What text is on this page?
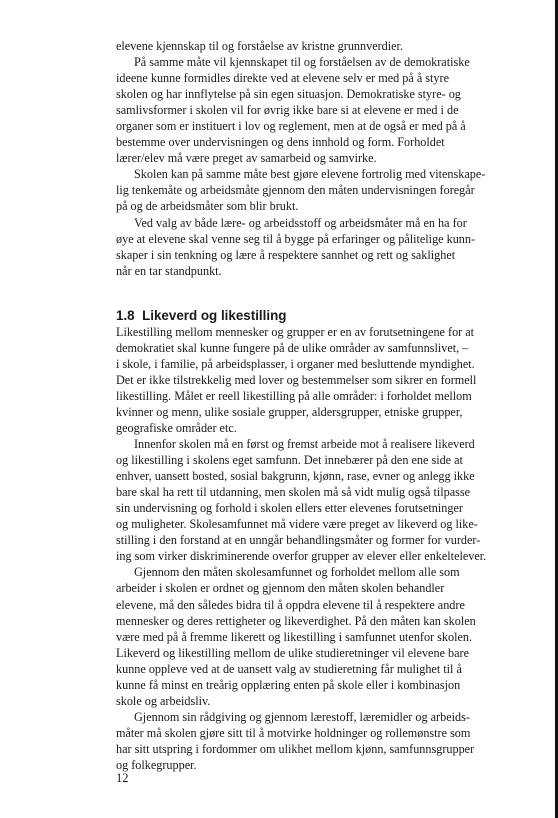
elevene kjennskap til og forståelse av kristne grunnverdier.

På samme måte vil kjennskapet til og forståelsen av de demokratiske
ideene kunne formidles direkte ved at elevene selv er med på å styre
skolen og har innflytelse på sin egen situasjon. Demokratiske styre- og
samlivsformer i skolen vil for øvrig ikke bare si at elevene er med i de
organer som er instituert i lov og reglement, men at de også er med på å
bestemme over undervisningen og dens innhold og form. Forholdet
lærer/elev må være preget av samarbeid og samvirke.

Skolen kan på samme måte best gjøre elevene fortrolig med vitenskape-
lig tenkemåte og arbeidsmåte gjennom den måten undervisningen foregår
på og de arbeidsmåter som blir brukt.

Ved valg av både lære- og arbeidsstoff og arbeidsmåter må en ha for
øye at elevene skal venne seg til å bygge på erfaringer og pålitelige kunn-
skaper i sin tenkning og lære å respektere sannhet og rett og saklighet
når en tar standpunkt.

1.8 Likeverd og likestilling

Likestilling mellom mennesker og grupper er en av forutsetningene for at
demokratiet skal kunne fungere på de ulike områder av samfunnslivet, –
i skole, i familie, på arbeidsplasser, i organer med besluttende myndighet.
Det er ikke tilstrekkelig med lover og bestemmelser som sikrer en formell
likestilling. Målet er reell likestilling på alle områder: i forholdet mellom
kvinner og menn, ulike sosiale grupper, aldersgrupper, etniske grupper,
geografiske områder etc.

Innenfor skolen må en først og fremst arbeide mot å realisere likeverd
og likestilling i skolens eget samfunn. Det innebærer på den ene side at
enhver, uansett bosted, sosial bakgrunn, kjønn, rase, evner og anlegg ikke
bare skal ha rett til utdanning, men skolen må så vidt mulig også tilpasse
sin undervisning og forhold i skolen ellers etter elevenes forutsetninger
og muligheter. Skolesamfunnet må videre være preget av likeverd og like-
stilling i den forstand at en unngår behandlingsmåter og former for vurder-
ing som virker diskriminerende overfor grupper av elever eller enkeltelever.

Gjennom den måten skolesamfunnet og forholdet mellom alle som
arbeider i skolen er ordnet og gjennom den måten skolen behandler
elevene, må den således bidra til å oppdra elevene til å respektere andre
mennesker og deres rettigheter og likeverdighet. På den måten kan skolen
være med på å fremme likerett og likestilling i samfunnet utenfor skolen.
Likeverd og likestilling mellom de ulike studieretninger vil elevene bare
kunne oppleve ved at de uansett valg av studieretning får mulighet til å
kunne få minst en treårig opplæring enten på skole eller i kombinasjon
skole og arbeidsliv.

Gjennom sin rådgiving og gjennom lærestoff, læremidler og arbeids-
måter må skolen gjøre sitt til å motvirke holdninger og rollemønstre som
har sitt utspring i fordommer om ulikhet mellom kjønn, samfunnsgrupper
og folkegrupper.

12
